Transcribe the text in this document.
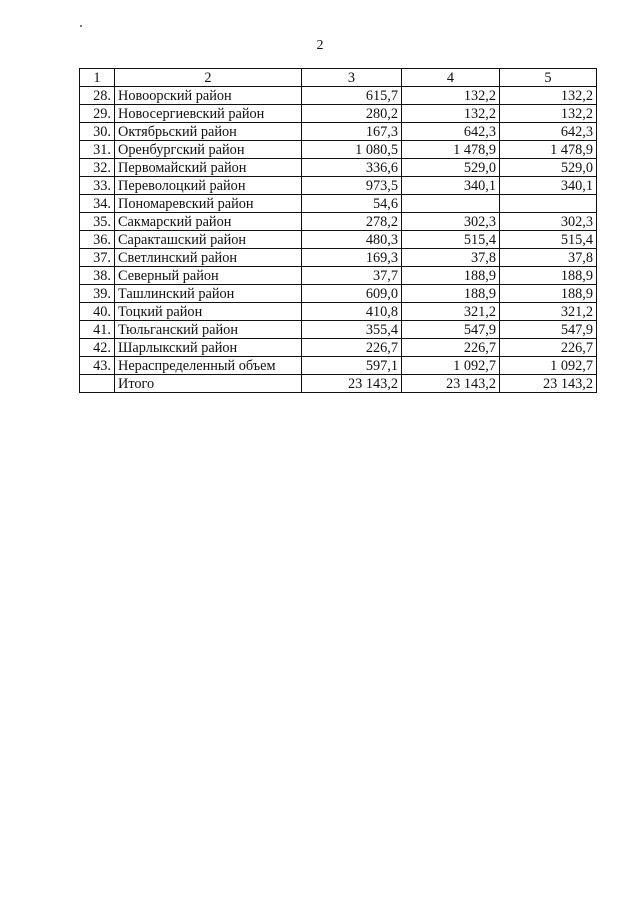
2
1	2	3	4	5
28.	Новоорский район	615,7	132,2	132,2
29.	Новосергиевский район	280,2	132,2	132,2
30.	Октябрьский район	167,3	642,3	642,3
31.	Оренбургский район	1 080,5	1 478,9	1 478,9
32.	Первомайский район	336,6	529,0	529,0
33.	Переволоцкий район	973,5	340,1	340,1
34.	Пономаревский район	54,6		
35.	Сакмарский район	278,2	302,3	302,3
36.	Саракташский район	480,3	515,4	515,4
37.	Светлинский район	169,3	37,8	37,8
38.	Северный район	37,7	188,9	188,9
39.	Ташлинский район	609,0	188,9	188,9
40.	Тоцкий район	410,8	321,2	321,2
41.	Тюльганский район	355,4	547,9	547,9
42.	Шарлыкский район	226,7	226,7	226,7
43.	Нераспределенный объем	597,1	1 092,7	1 092,7
	Итого	23 143,2	23 143,2	23 143,2
